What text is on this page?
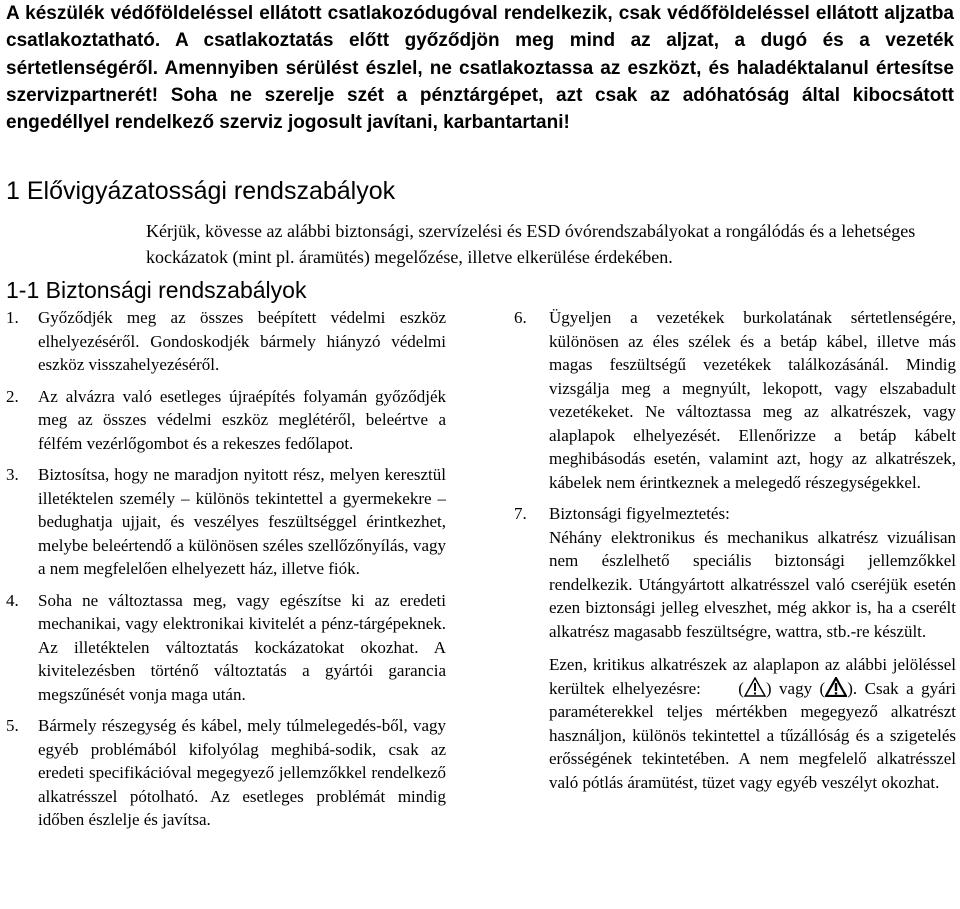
A készülék védőföldeléssel ellátott csatlakozódugóval rendelkezik, csak védőföldeléssel ellátott aljzatba csatlakoztatható. A csatlakoztatás előtt győződjön meg mind az aljzat, a dugó és a vezeték sértetlenségéről. Amennyiben sérülést észlel, ne csatlakoztassa az eszközt, és haladéktalanul értesítse szervizpartnerét! Soha ne szerelje szét a pénztárgépet, azt csak az adóhatóság által kibocsátott engedéllyel rendelkező szerviz jogosult javítani, karbantartani!

1 Elővigyázatossági rendszabályok

Kérjük, kövesse az alábbi biztonsági, szervízelési és ESD óvórendszabályokat a rongálódás és a lehetséges kockázatok (mint pl. áramütés) megelőzése, illetve elkerülése érdekében.

1-1 Biztonsági rendszabályok
1. Győződjék meg az összes beépített védelmi eszköz elhelyezéséről. Gondoskodjék bármely hiányzó védelmi eszköz visszahelyezéséről.
2. Az alvázra való esetleges újraépítés folyamán győződjék meg az összes védelmi eszköz meglétéről, beleértve a félfém vezérlőgombot és a rekeszes fedőlapot.
3. Biztosítsa, hogy ne maradjon nyitott rész, melyen keresztül illetéktelen személy – különös tekintettel a gyermekekre – bedughatja ujjait, és veszélyes feszültséggel érintkezhet, melybe beleértendő a különösen széles szellőzőnyílás, vagy a nem megfelelően elhelyezett ház, illetve fiók.
4. Soha ne változtassa meg, vagy egészítse ki az eredeti mechanikai, vagy elektronikai kivitelét a pénz-tárgépeknek. Az illetéktelen változtatás kockázatokat okozhat. A kivitelezésben történő változtatás a gyártói garancia megszűnését vonja maga után.
5. Bármely részegység és kábel, mely túlmelegedés-ből, vagy egyéb problémából kifolyólag meghibá-sodik, csak az eredeti specifikációval megegyező jellemzőkkel rendelkező alkatrésszel pótolható. Az esetleges problémát mindig időben észlelje és javítsa.
6. Ügyeljen a vezetékek burkolatának sértetlenségére, különösen az éles szélek és a betáp kábel, illetve más magas feszültségű vezetékek találkozásánál. Mindig vizsgálja meg a megnyúlt, lekopott, vagy elszabadult vezetékeket. Ne változtassa meg az alkatrészek, vagy alaplapok elhelyezését. Ellenőrizze a betáp kábelt meghibásodás esetén, valamint azt, hogy az alkatrészek, kábelek nem érintkeznek a melegedő részegységekkel.
7. Biztonsági figyelmeztetés:

Néhány elektronikus és mechanikus alkatrész vizuálisan nem észlelhető speciális biztonsági jellemzőkkel rendelkezik. Utángyártott alkatrésszel való cseréjük esetén ezen biztonsági jelleg elveszhet, még akkor is, ha a cserélt alkatrész magasabb feszültségre, wattra, stb.-re készült.

Ezen, kritikus alkatrészek az alaplapon az alábbi jelöléssel kerültek elhelyezésre: ( ) vagy ( ). Csak a gyári paraméterekkel teljes mértékben megegyező alkatrészt használjon, különös tekintettel a tűzállóság és a szigetelés erősségének tekintetében. A nem megfelelő alkatrésszel való pótlás áramütést, tüzet vagy egyéb veszélyt okozhat.
